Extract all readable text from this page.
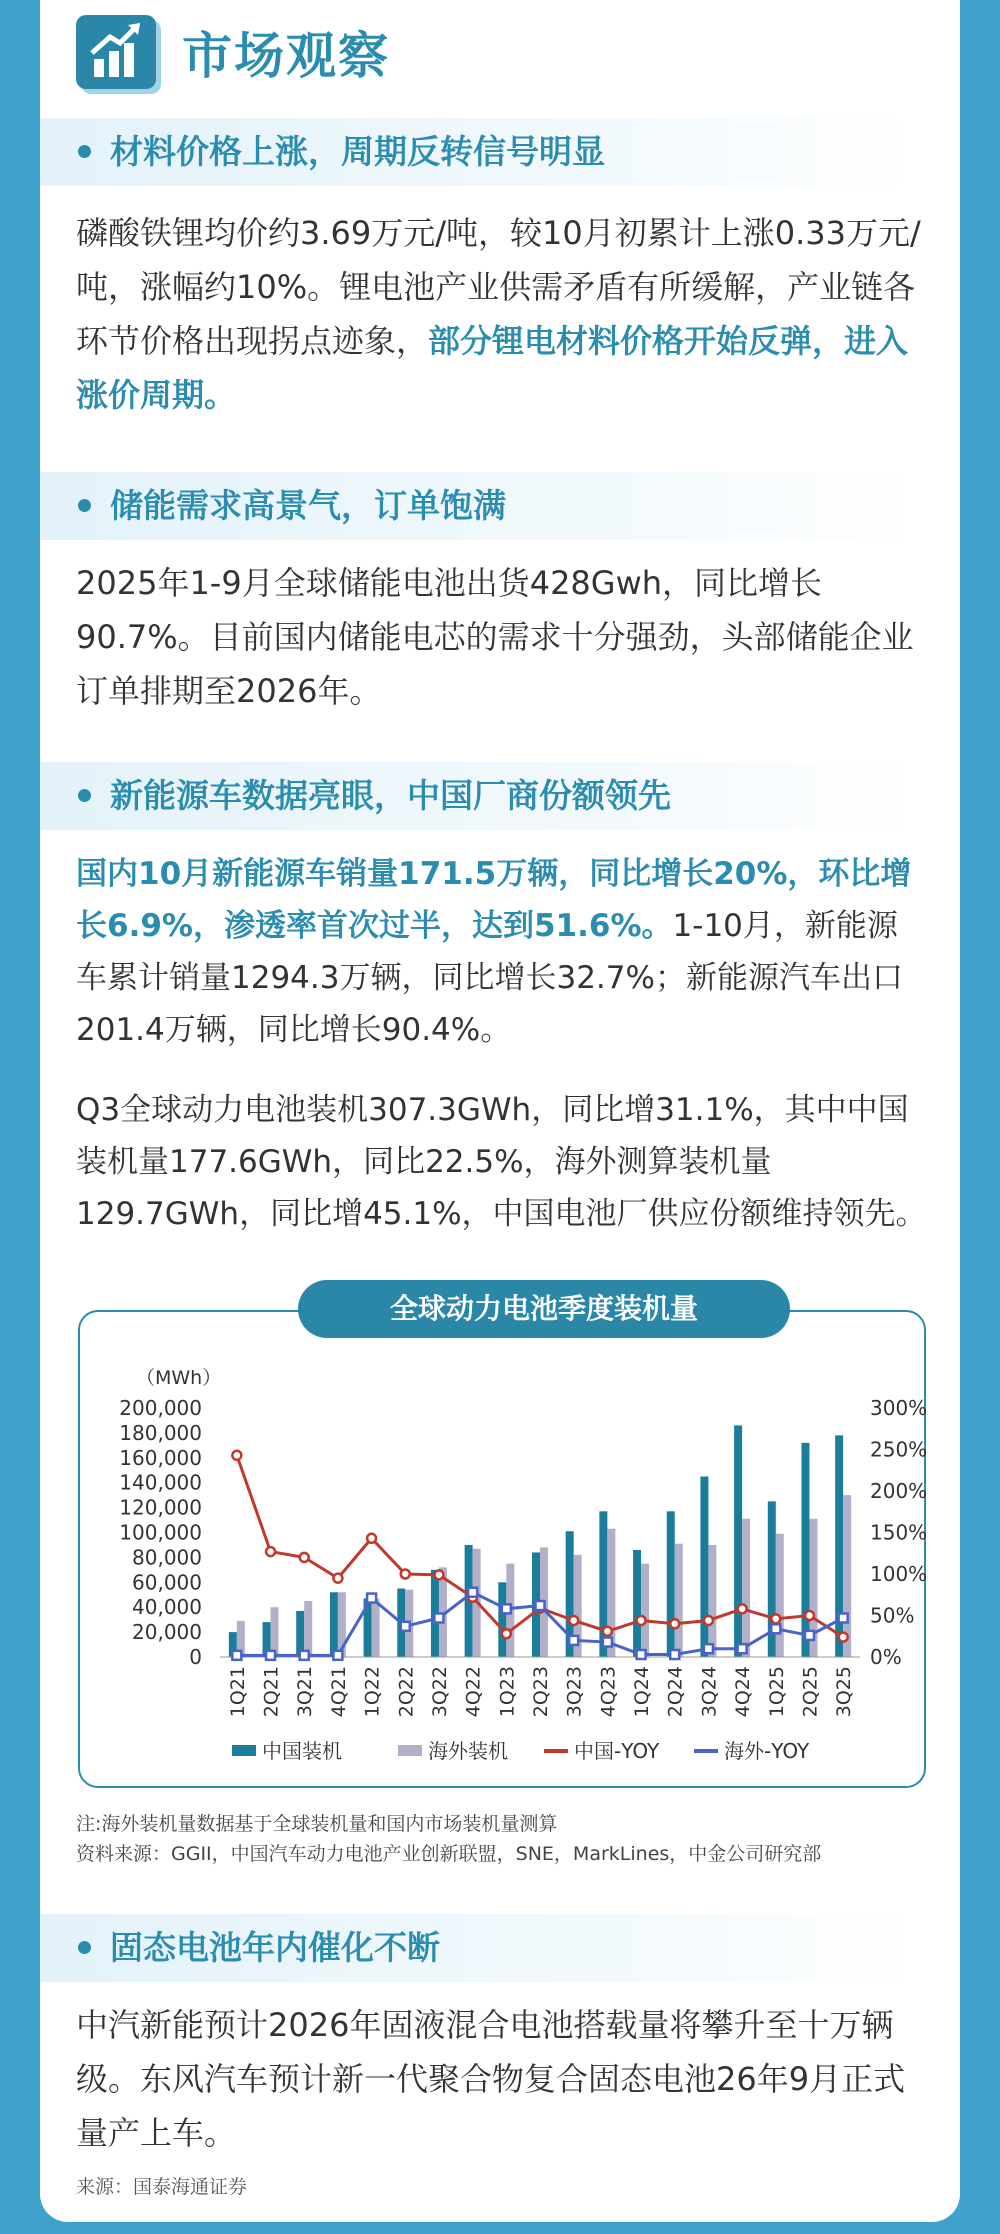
市场观察
材料价格上涨，周期反转信号明显

磷酸铁锂均价约3.69万元/吨，较10月初累计上涨0.33万元/吨，涨幅约10%。锂电池产业供需矛盾有所缓解，产业链各环节价格出现拐点迹象，部分锂电材料价格开始反弹，进入涨价周期。

储能需求高景气，订单饱满

2025年1-9月全球储能电池出货428Gwh，同比增长90.7%。目前国内储能电芯的需求十分强劲，头部储能企业订单排期至2026年。

新能源车数据亮眼，中国厂商份额领先

国内10月新能源车销量171.5万辆，同比增长20%，环比增长6.9%，渗透率首次过半，达到51.6%。1-10月，新能源车累计销量1294.3万辆，同比增长32.7%；新能源汽车出口201.4万辆，同比增长90.4%。

Q3全球动力电池装机307.3GWh，同比增31.1%，其中中国装机量177.6GWh，同比22.5%，海外测算装机量129.7GWh，同比增45.1%，中国电池厂供应份额维持领先。

全球动力电池季度装机量
（MWh）
0
20,000
40,000
60,000
80,000
100,000
120,000
140,000
160,000
180,000
200,000
0%
50%
100%
150%
200%
250%
300%
1Q21 2Q21 3Q21 4Q21 1Q22 2Q22 3Q22 4Q22 1Q23 2Q23 3Q23 4Q23 1Q24 2Q24 3Q24 4Q24 1Q25 2Q25 3Q25
中国装机	海外装机	中国-YOY	海外-YOY
注:海外装机量数据基于全球装机量和国内市场装机量测算
资料来源：GGII，中国汽车动力电池产业创新联盟，SNE，MarkLines，中金公司研究部
固态电池年内催化不断

中汽新能预计2026年固液混合电池搭载量将攀升至十万辆级。东风汽车预计新一代聚合物复合固态电池26年9月正式量产上车。

来源：国泰海通证券
